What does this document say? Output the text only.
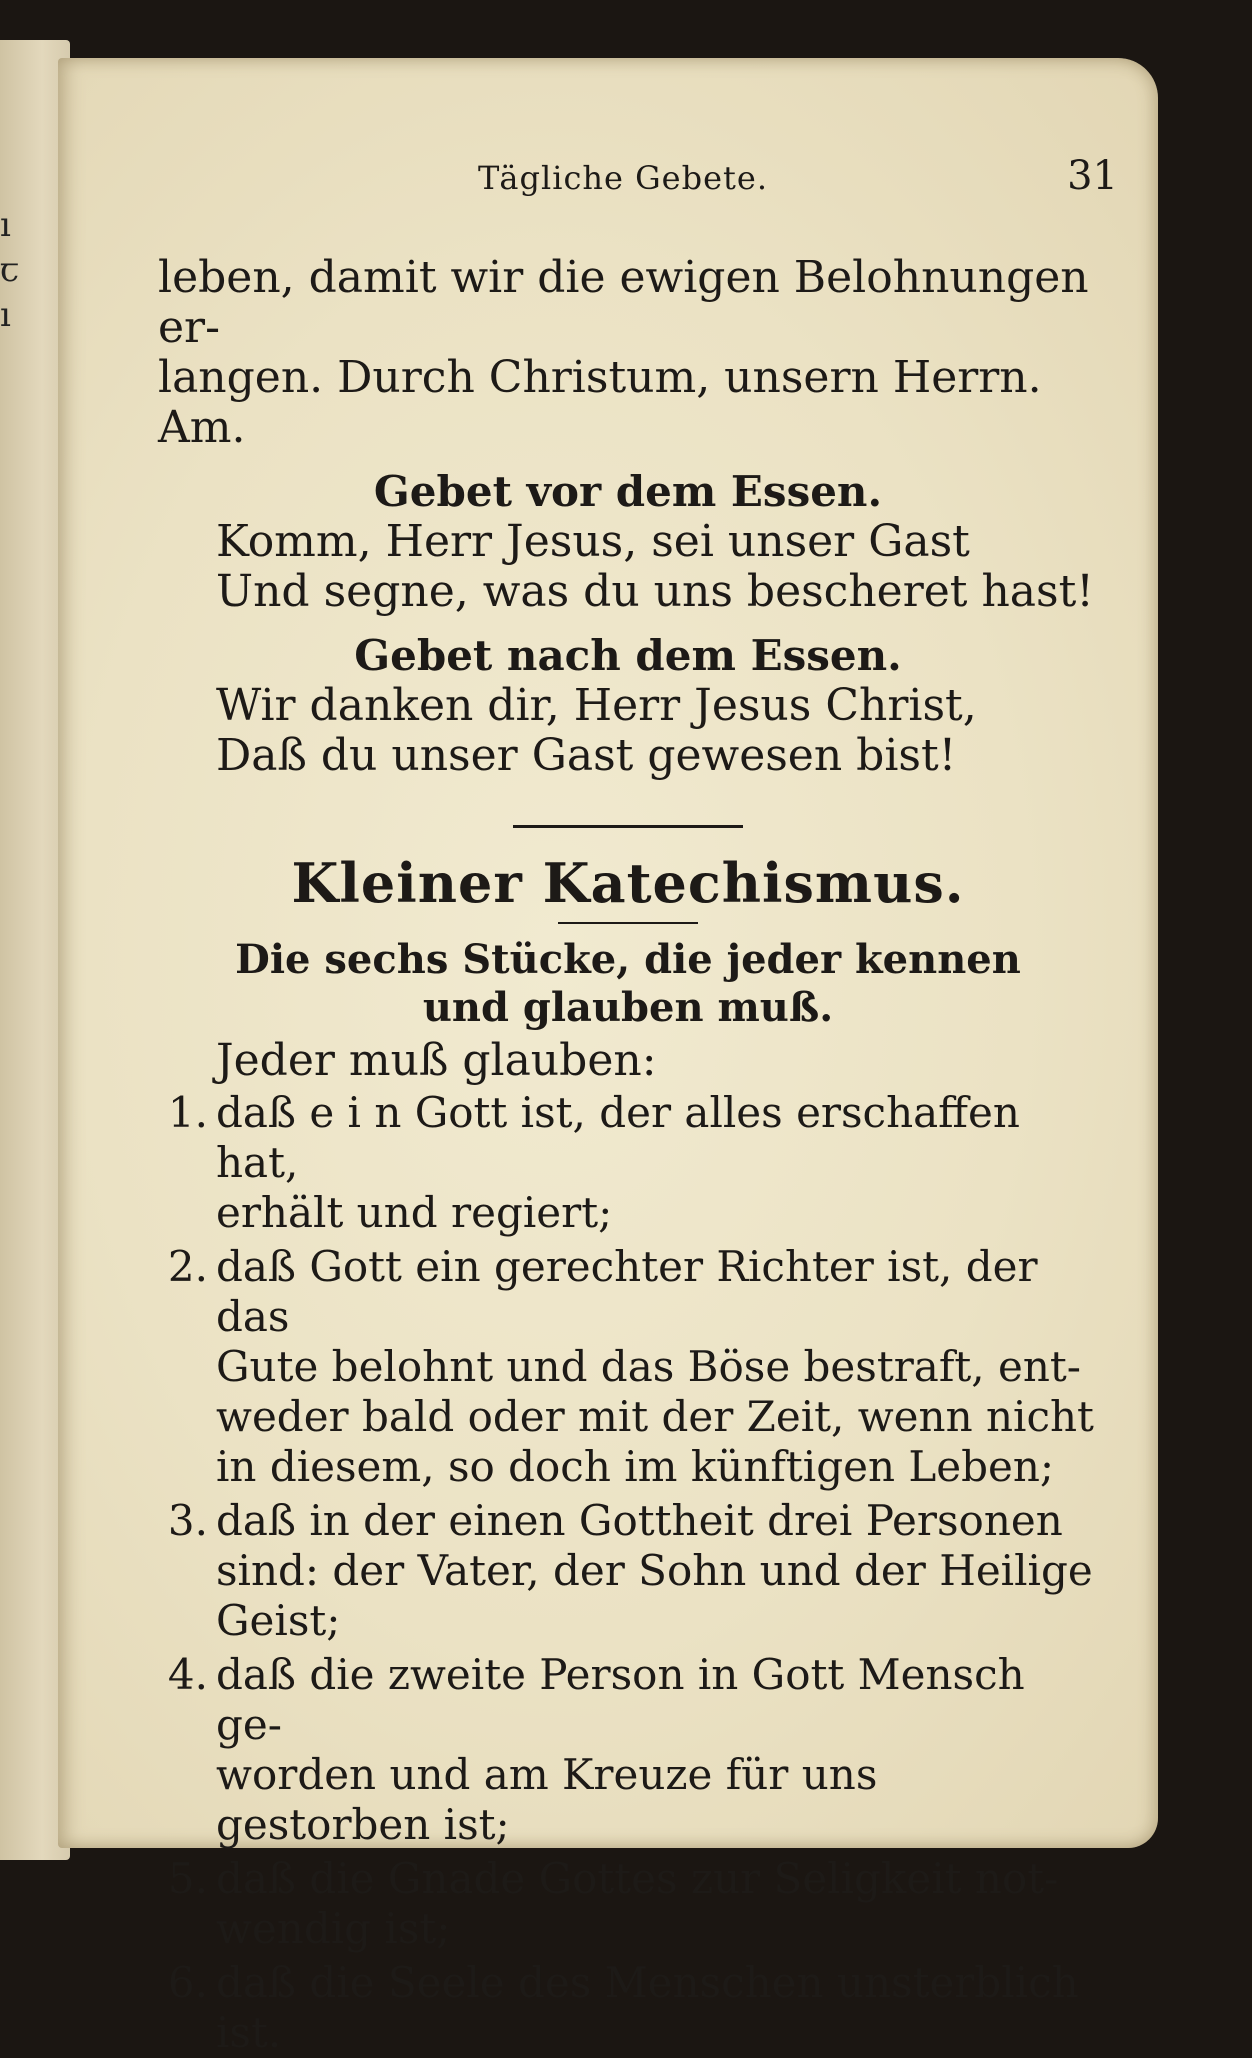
ı
ꞇ
ı
Tägliche Gebete.	31

leben, damit wir die ewigen Belohnungen er-

langen. Durch Christum, unsern Herrn. Am.

Gebet vor dem Essen.

Komm, Herr Jesus, sei unser Gast

Und segne, was du uns bescheret hast!

Gebet nach dem Essen.

Wir danken dir, Herr Jesus Christ,

Daß du unser Gast gewesen bist!

Kleiner Katechismus.

Die sechs Stücke, die jeder kennen

und glauben muß.

Jeder muß glauben:

1. daß e i n Gott ist, der alles erschaffen hat,
erhält und regiert;
2. daß Gott ein gerechter Richter ist, der das
Gute belohnt und das Böse bestraft, ent-
weder bald oder mit der Zeit, wenn nicht
in diesem, so doch im künftigen Leben;
3. daß in der einen Gottheit drei Personen
sind: der Vater, der Sohn und der Heilige
Geist;
4. daß die zweite Person in Gott Mensch ge-
worden und am Kreuze für uns gestorben ist;
5. daß die Gnade Gottes zur Seligkeit not-
wendig ist;
6. daß die Seele des Menschen unsterblich ist.
